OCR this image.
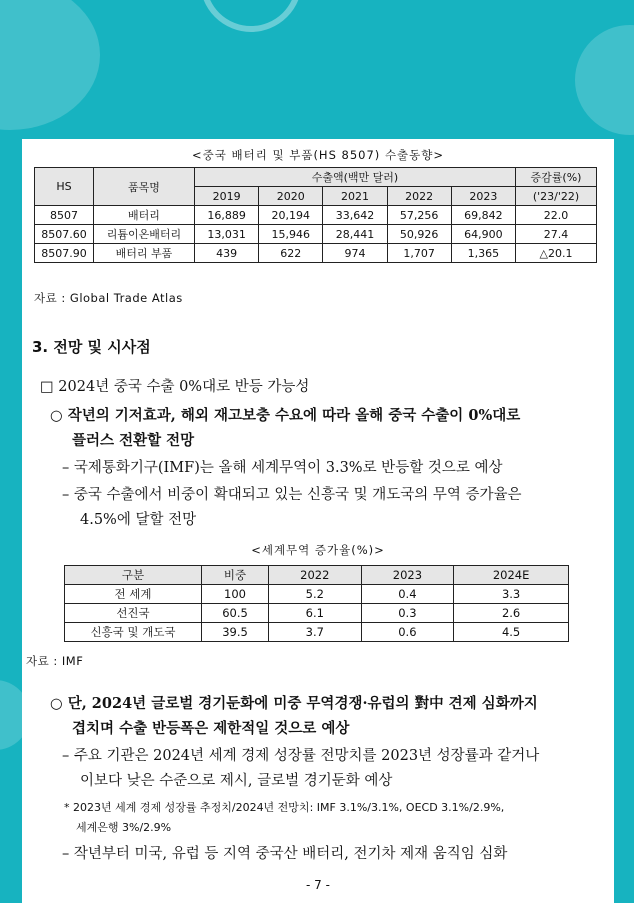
<중국 배터리 및 부품(HS 8507) 수출동향>
HS	품목명	수출액(백만 달러)					증감률(%)
		2019	2020	2021	2022	2023	('23/'22)
8507	배터리	16,889	20,194	33,642	57,256	69,842	22.0
8507.60	리튬이온배터리	13,031	15,946	28,441	50,926	64,900	27.4
8507.90	배터리 부품	439	622	974	1,707	1,365	△20.1
자료 : Global Trade Atlas
3. 전망 및 시사점
□ 2024년 중국 수출 0%대로 반등 가능성
○ 작년의 기저효과, 해외 재고보충 수요에 따라 올해 중국 수출이 0%대로
플러스 전환할 전망
– 국제통화기구(IMF)는 올해 세계무역이 3.3%로 반등할 것으로 예상
– 중국 수출에서 비중이 확대되고 있는 신흥국 및 개도국의 무역 증가율은
4.5%에 달할 전망
<세계무역 증가율(%)>
구분	비중	2022	2023	2024E
전 세계	100	5.2	0.4	3.3
선진국	60.5	6.1	0.3	2.6
신흥국 및 개도국	39.5	3.7	0.6	4.5
자료 : IMF
○ 단, 2024년 글로벌 경기둔화에 미중 무역경쟁·유럽의 對中 견제 심화까지
겹치며 수출 반등폭은 제한적일 것으로 예상
– 주요 기관은 2024년 세계 경제 성장률 전망치를 2023년 성장률과 같거나
이보다 낮은 수준으로 제시, 글로벌 경기둔화 예상
* 2023년 세계 경제 성장률 추정치/2024년 전망치: IMF 3.1%/3.1%, OECD 3.1%/2.9%,
세계은행 3%/2.9%
– 작년부터 미국, 유럽 등 지역 중국산 배터리, 전기차 제재 움직임 심화
- 7 -
